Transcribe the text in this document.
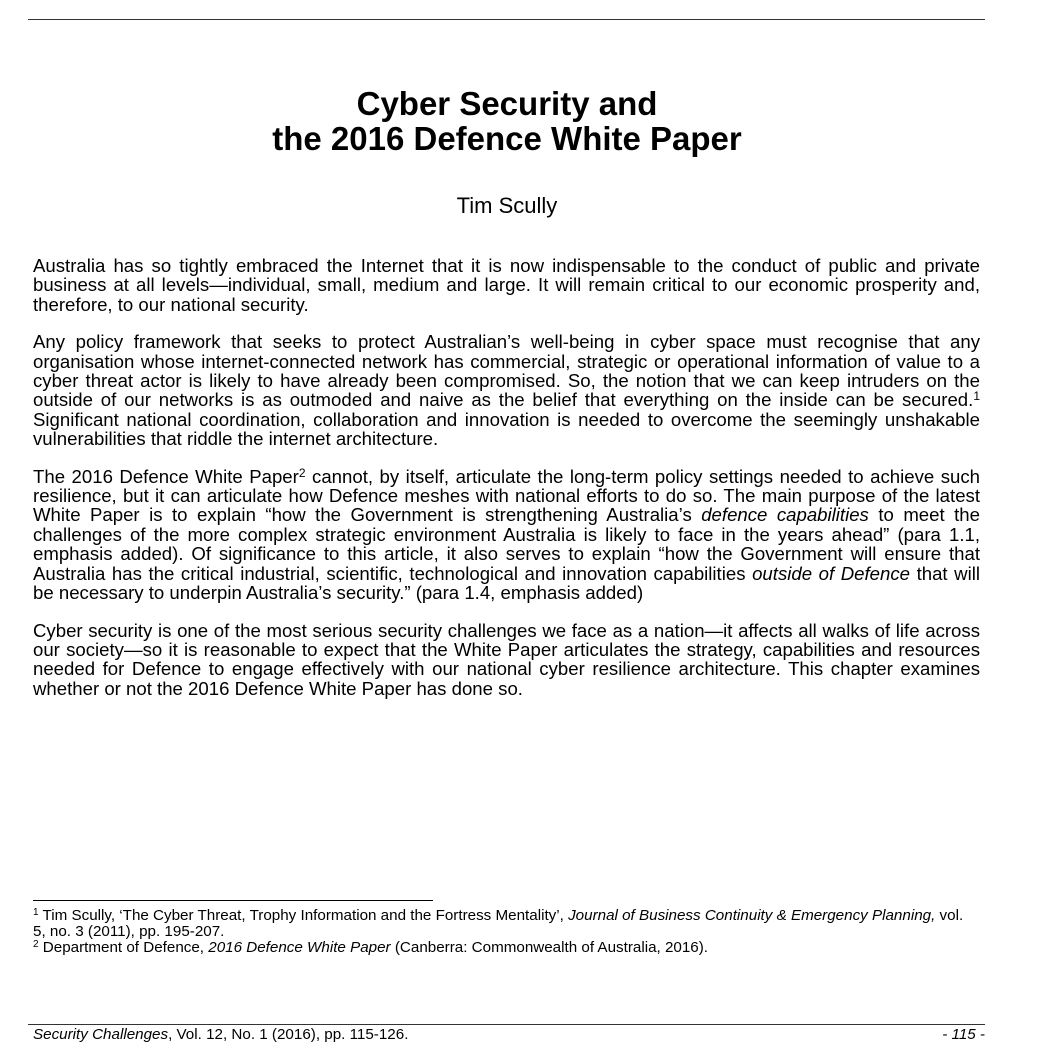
Cyber Security and
the 2016 Defence White Paper
Tim Scully

Australia has so tightly embraced the Internet that it is now indispensable to the conduct of public and private business at all levels—individual, small, medium and large. It will remain critical to our economic prosperity and, therefore, to our national security.

Any policy framework that seeks to protect Australian’s well-being in cyber space must recognise that any organisation whose internet-connected network has commercial, strategic or operational information of value to a cyber threat actor is likely to have already been compromised. So, the notion that we can keep intruders on the outside of our networks is as outmoded and naive as the belief that everything on the inside can be secured.$^1$ Significant national coordination, collaboration and innovation is needed to overcome the seemingly unshakable vulnerabilities that riddle the internet architecture.

The 2016 Defence White Paper$^2$ cannot, by itself, articulate the long-term policy settings needed to achieve such resilience, but it can articulate how Defence meshes with national efforts to do so. The main purpose of the latest White Paper is to explain “how the Government is strengthening Australia’s defence capabilities to meet the challenges of the more complex strategic environment Australia is likely to face in the years ahead” (para 1.1, emphasis added). Of significance to this article, it also serves to explain “how the Government will ensure that Australia has the critical industrial, scientific, technological and innovation capabilities outside of Defence that will be necessary to underpin Australia’s security.” (para 1.4, emphasis added)

Cyber security is one of the most serious security challenges we face as a nation—it affects all walks of life across our society—so it is reasonable to expect that the White Paper articulates the strategy, capabilities and resources needed for Defence to engage effectively with our national cyber resilience architecture. This chapter examines whether or not the 2016 Defence White Paper has done so.

$^1$ Tim Scully, ‘The Cyber Threat, Trophy Information and the Fortress Mentality’, Journal of Business Continuity & Emergency Planning, vol. 5, no. 3 (2011), pp. 195-207.

$^2$ Department of Defence, 2016 Defence White Paper (Canberra: Commonwealth of Australia, 2016).

Security Challenges, Vol. 12, No. 1 (2016), pp. 115-126.	- 115 -
